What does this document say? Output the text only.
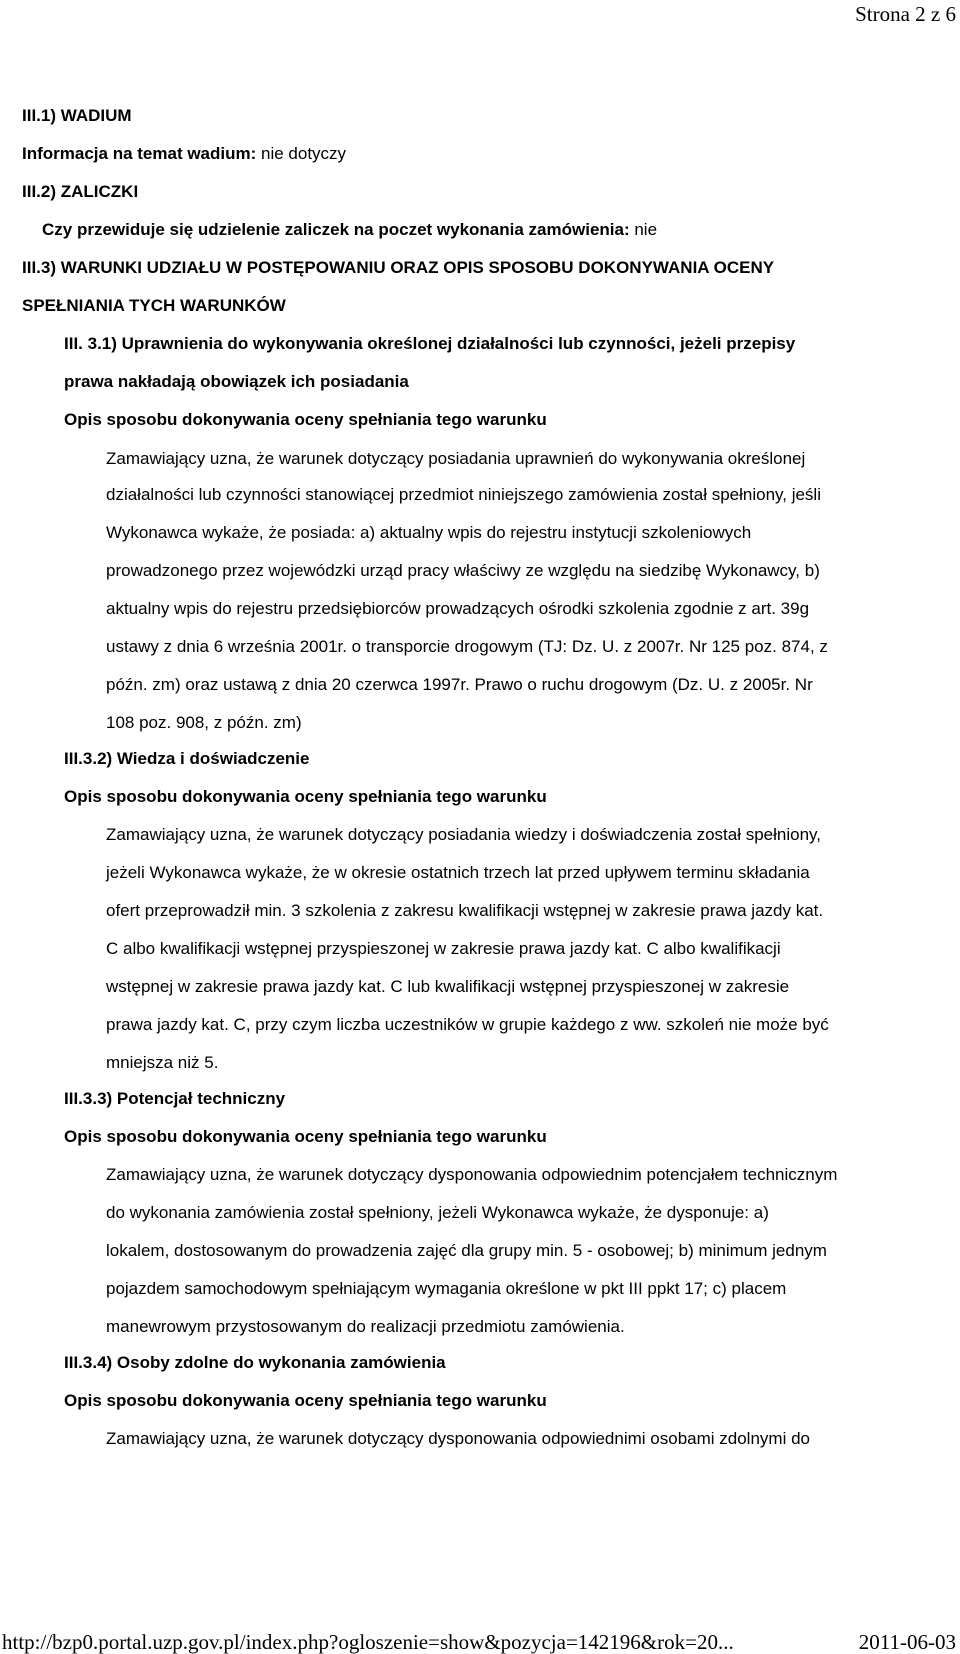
Strona 2 z 6
III.1) WADIUM
Informacja na temat wadium: nie dotyczy
III.2) ZALICZKI
Czy przewiduje się udzielenie zaliczek na poczet wykonania zamówienia: nie
III.3) WARUNKI UDZIAŁU W POSTĘPOWANIU ORAZ OPIS SPOSOBU DOKONYWANIA OCENY
SPEŁNIANIA TYCH WARUNKÓW
III. 3.1) Uprawnienia do wykonywania określonej działalności lub czynności, jeżeli przepisy
prawa nakładają obowiązek ich posiadania
Opis sposobu dokonywania oceny spełniania tego warunku
Zamawiający uzna, że warunek dotyczący posiadania uprawnień do wykonywania określonej
działalności lub czynności stanowiącej przedmiot niniejszego zamówienia został spełniony, jeśli
Wykonawca wykaże, że posiada: a) aktualny wpis do rejestru instytucji szkoleniowych
prowadzonego przez wojewódzki urząd pracy właściwy ze względu na siedzibę Wykonawcy, b)
aktualny wpis do rejestru przedsiębiorców prowadzących ośrodki szkolenia zgodnie z art. 39g
ustawy z dnia 6 września 2001r. o transporcie drogowym (TJ: Dz. U. z 2007r. Nr 125 poz. 874, z
późn. zm) oraz ustawą z dnia 20 czerwca 1997r. Prawo o ruchu drogowym (Dz. U. z 2005r. Nr
108 poz. 908, z późn. zm)
III.3.2) Wiedza i doświadczenie
Opis sposobu dokonywania oceny spełniania tego warunku
Zamawiający uzna, że warunek dotyczący posiadania wiedzy i doświadczenia został spełniony,
jeżeli Wykonawca wykaże, że w okresie ostatnich trzech lat przed upływem terminu składania
ofert przeprowadził min. 3 szkolenia z zakresu kwalifikacji wstępnej w zakresie prawa jazdy kat.
C albo kwalifikacji wstępnej przyspieszonej w zakresie prawa jazdy kat. C albo kwalifikacji
wstępnej w zakresie prawa jazdy kat. C lub kwalifikacji wstępnej przyspieszonej w zakresie
prawa jazdy kat. C, przy czym liczba uczestników w grupie każdego z ww. szkoleń nie może być
mniejsza niż 5.
III.3.3) Potencjał techniczny
Opis sposobu dokonywania oceny spełniania tego warunku
Zamawiający uzna, że warunek dotyczący dysponowania odpowiednim potencjałem technicznym
do wykonania zamówienia został spełniony, jeżeli Wykonawca wykaże, że dysponuje: a)
lokalem, dostosowanym do prowadzenia zajęć dla grupy min. 5 - osobowej; b) minimum jednym
pojazdem samochodowym spełniającym wymagania określone w pkt III ppkt 17; c) placem
manewrowym przystosowanym do realizacji przedmiotu zamówienia.
III.3.4) Osoby zdolne do wykonania zamówienia
Opis sposobu dokonywania oceny spełniania tego warunku
Zamawiający uzna, że warunek dotyczący dysponowania odpowiednimi osobami zdolnymi do
http://bzp0.portal.uzp.gov.pl/index.php?ogloszenie=show&pozycja=142196&rok=20...	2011-06-03
